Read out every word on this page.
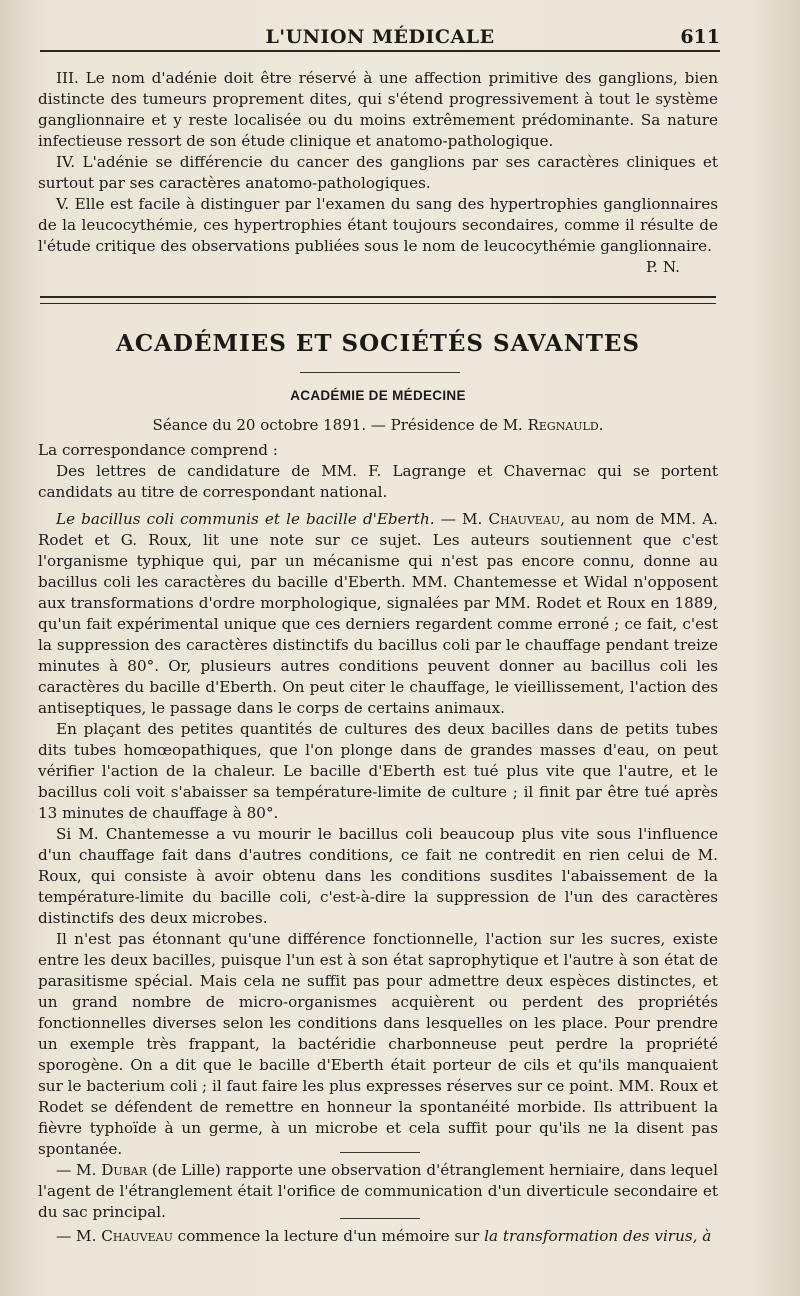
L'UNION MÉDICALE	611

III. Le nom d'adénie doit être réservé à une affection primitive des ganglions, bien distincte des tumeurs proprement dites, qui s'étend progressivement à tout le système ganglionnaire et y reste localisée ou du moins extrêmement prédominante. Sa nature infectieuse ressort de son étude clinique et anatomo-pathologique.

IV. L'adénie se différencie du cancer des ganglions par ses caractères cliniques et surtout par ses caractères anatomo-pathologiques.

V. Elle est facile à distinguer par l'examen du sang des hypertrophies ganglionnaires de la leucocythémie, ces hypertrophies étant toujours secondaires, comme il résulte de l'étude critique des observations publiées sous le nom de leucocythémie ganglionnaire.

P. N.

ACADÉMIES ET SOCIÉTÉS SAVANTES
ACADÉMIE DE MÉDECINE
Séance du 20 octobre 1891. — Présidence de M. Regnauld.

La correspondance comprend :

Des lettres de candidature de MM. F. Lagrange et Chavernac qui se portent candidats au titre de correspondant national.

Le bacillus coli communis et le bacille d'Eberth. — M. Chauveau, au nom de MM. A. Rodet et G. Roux, lit une note sur ce sujet. Les auteurs soutiennent que c'est l'organisme typhique qui, par un mécanisme qui n'est pas encore connu, donne au bacillus coli les caractères du bacille d'Eberth. MM. Chantemesse et Widal n'opposent aux transformations d'ordre morphologique, signalées par MM. Rodet et Roux en 1889, qu'un fait expérimental unique que ces derniers regardent comme erroné ; ce fait, c'est la suppression des caractères distinctifs du bacillus coli par le chauffage pendant treize minutes à 80°. Or, plusieurs autres conditions peuvent donner au bacillus coli les caractères du bacille d'Eberth. On peut citer le chauffage, le vieillissement, l'action des antiseptiques, le passage dans le corps de certains animaux.

En plaçant des petites quantités de cultures des deux bacilles dans de petits tubes dits tubes homœopathiques, que l'on plonge dans de grandes masses d'eau, on peut vérifier l'action de la chaleur. Le bacille d'Eberth est tué plus vite que l'autre, et le bacillus coli voit s'abaisser sa température-limite de culture ; il finit par être tué après 13 minutes de chauffage à 80°.

Si M. Chantemesse a vu mourir le bacillus coli beaucoup plus vite sous l'influence d'un chauffage fait dans d'autres conditions, ce fait ne contredit en rien celui de M. Roux, qui consiste à avoir obtenu dans les conditions susdites l'abaissement de la température-limite du bacille coli, c'est-à-dire la suppression de l'un des caractères distinctifs des deux microbes.

Il n'est pas étonnant qu'une différence fonctionnelle, l'action sur les sucres, existe entre les deux bacilles, puisque l'un est à son état saprophytique et l'autre à son état de parasitisme spécial. Mais cela ne suffit pas pour admettre deux espèces distinctes, et un grand nombre de micro-organismes acquièrent ou perdent des propriétés fonctionnelles diverses selon les conditions dans lesquelles on les place. Pour prendre un exemple très frappant, la bactéridie charbonneuse peut perdre la propriété sporogène. On a dit que le bacille d'Eberth était porteur de cils et qu'ils manquaient sur le bacterium coli ; il faut faire les plus expresses réserves sur ce point. MM. Roux et Rodet se défendent de remettre en honneur la spontanéité morbide. Ils attribuent la fièvre typhoïde à un germe, à un microbe et cela suffit pour qu'ils ne la disent pas spontanée.

— M. Dubar (de Lille) rapporte une observation d'étranglement herniaire, dans lequel l'agent de l'étranglement était l'orifice de communication d'un diverticule secondaire et du sac principal.

— M. Chauveau commence la lecture d'un mémoire sur la transformation des virus, à
